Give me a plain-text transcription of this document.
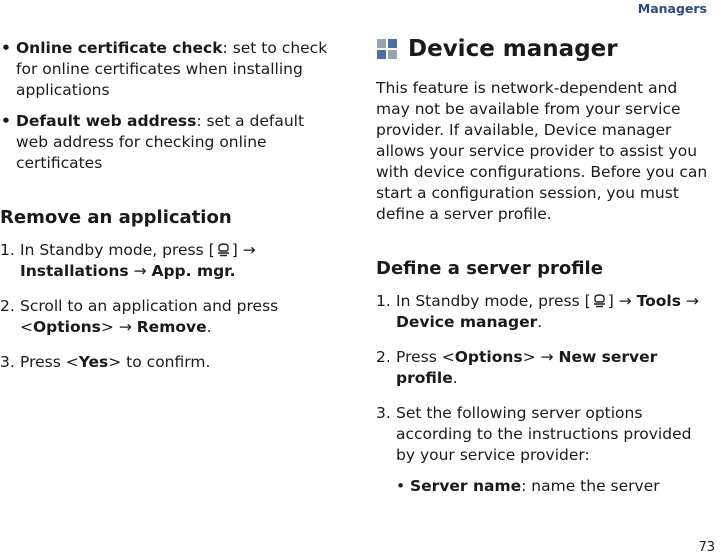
Managers
• Online certificate check: set to check for online certificates when installing applications
• Default web address: set a default web address for checking online certificates
Remove an application
1. In Standby mode, press [ ] → Installations → App. mgr.
2. Scroll to an application and press <Options> → Remove.
3. Press <Yes> to confirm.
Device manager

This feature is network-dependent and may not be available from your service provider. If available, Device manager allows your service provider to assist you with device configurations. Before you can start a configuration session, you must define a server profile.

Define a server profile
1. In Standby mode, press [ ] → Tools → Device manager.
2. Press <Options> → New server profile.
3. Set the following server options according to the instructions provided by your service provider:
• Server name: name the server
73
